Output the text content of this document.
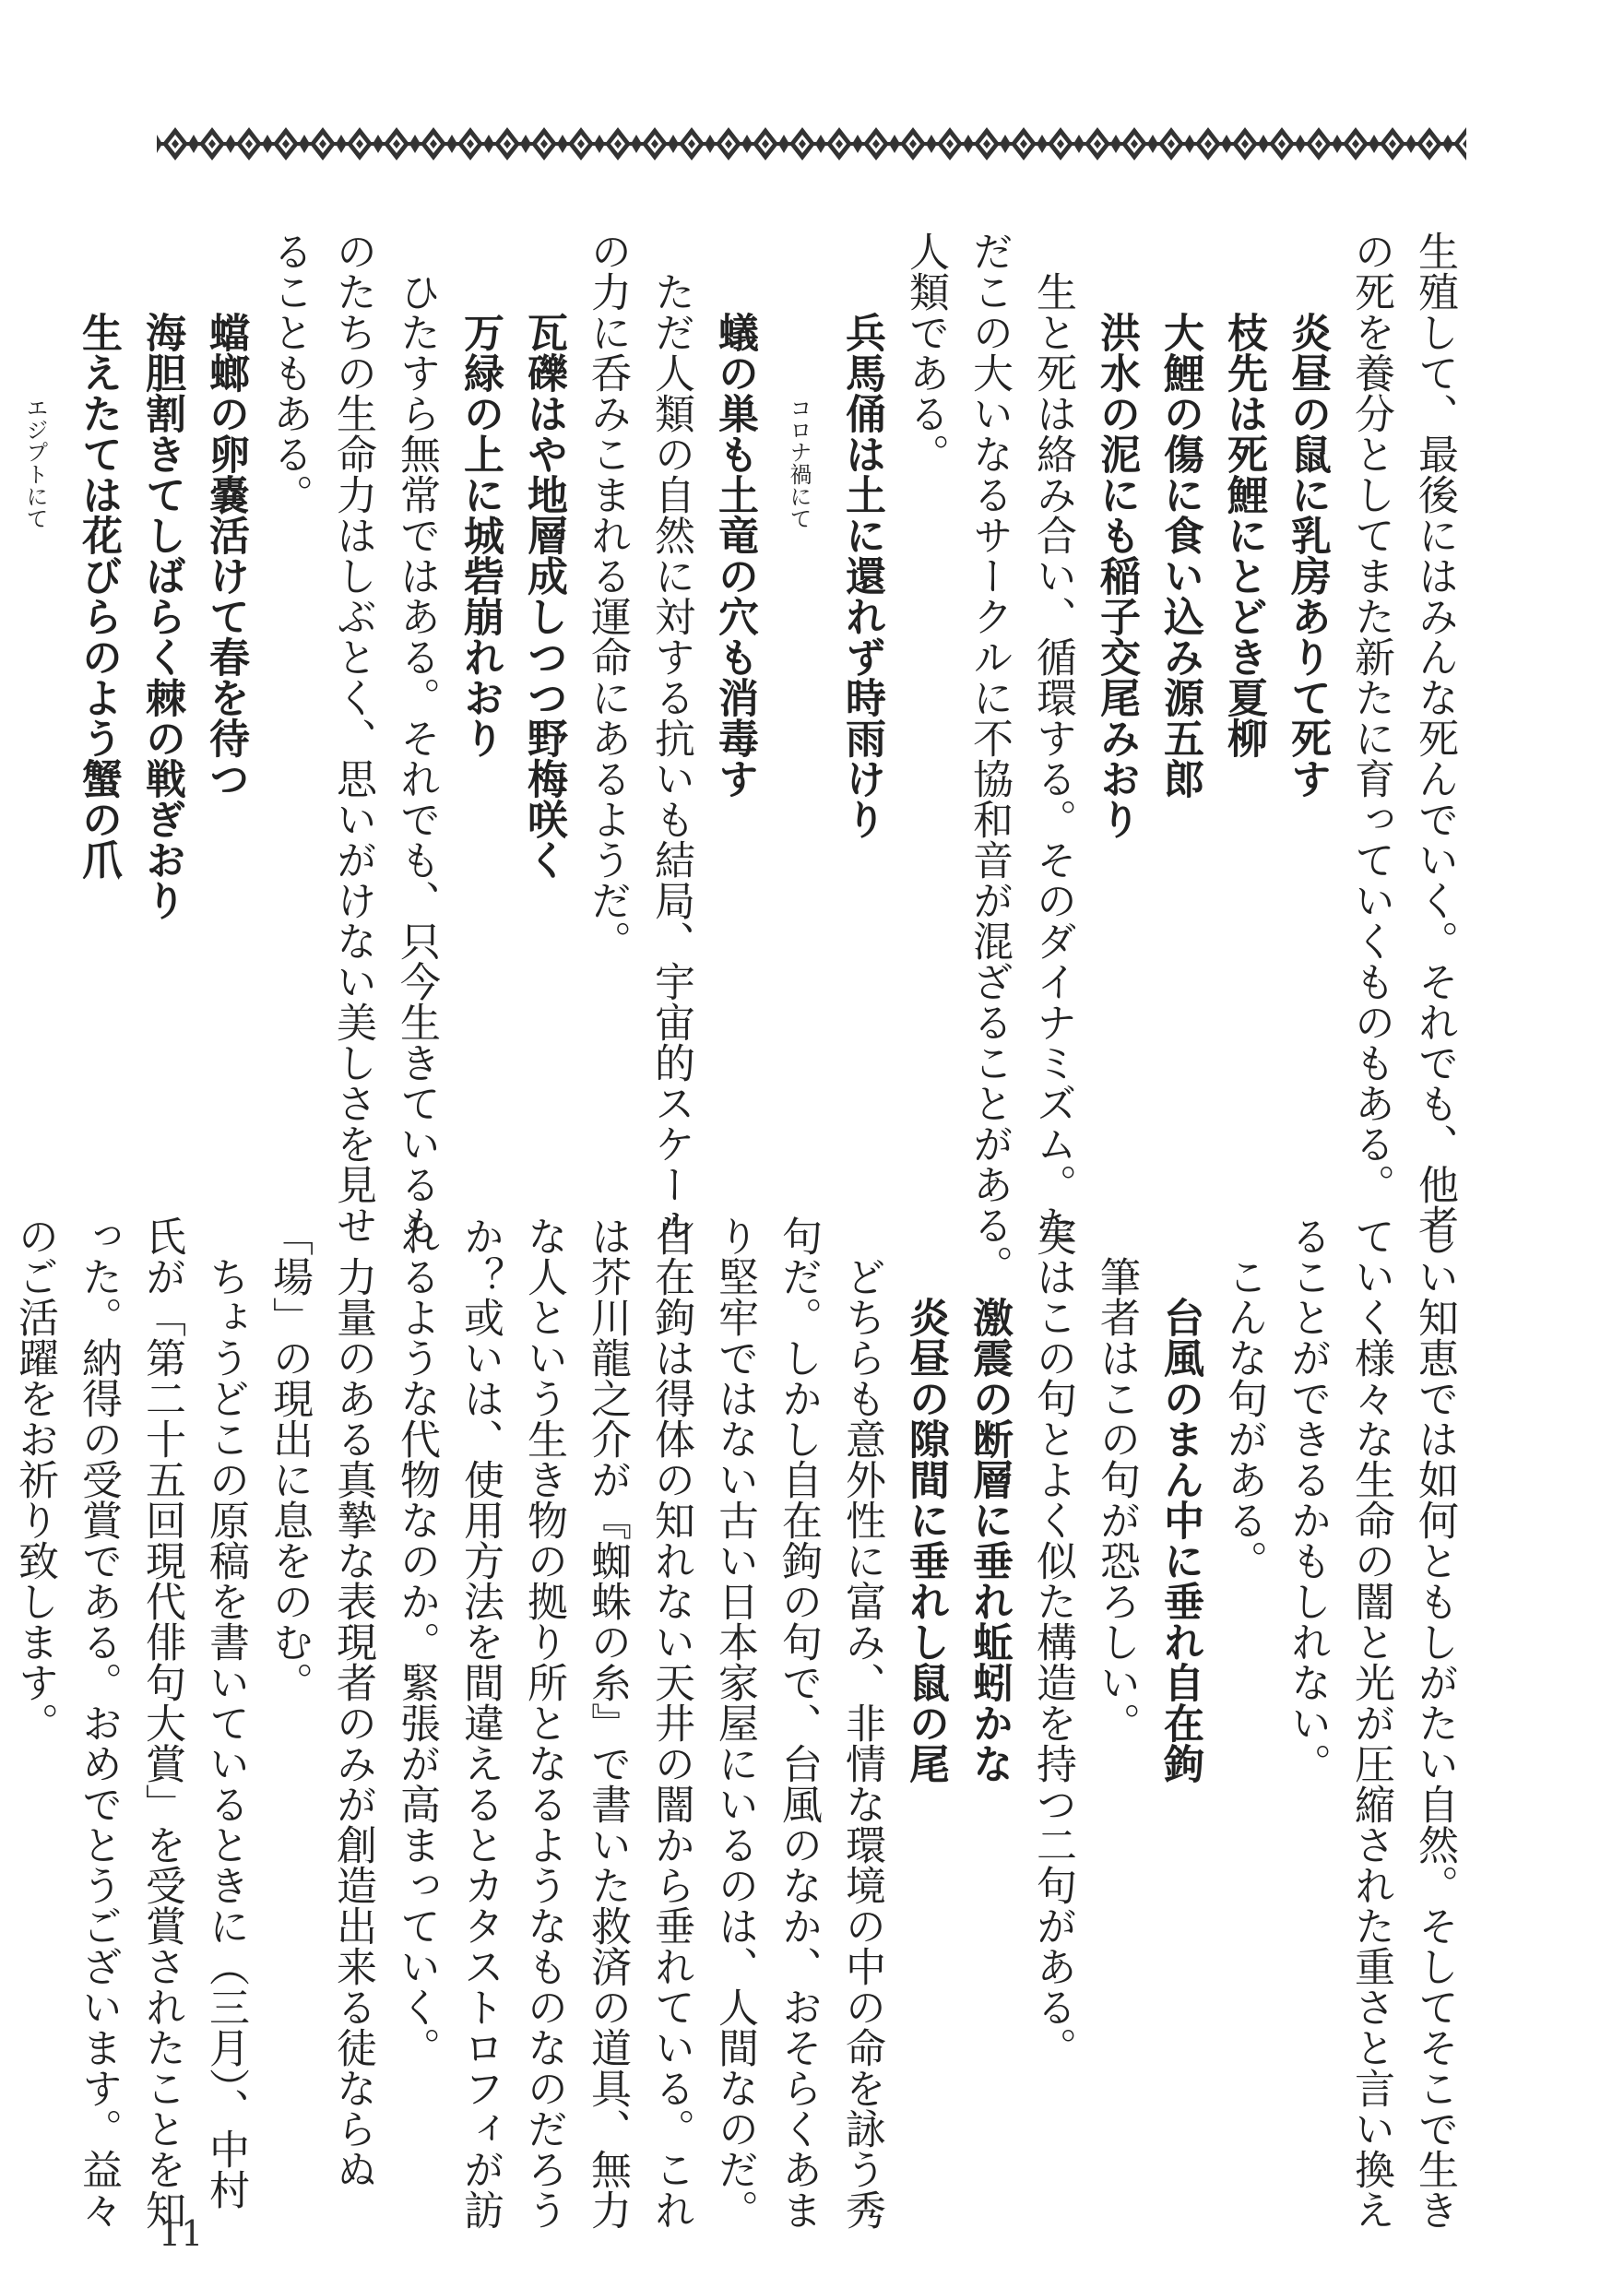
生殖して、最後にはみんな死んでいく。それでも、他者
の死を養分としてまた新たに育っていくものもある。
炎昼の鼠に乳房ありて死す
枝先は死鯉にとどき夏柳
大鯉の傷に食い込み源五郎
洪水の泥にも稲子交尾みおり
生と死は絡み合い、循環する。そのダイナミズム。た
だこの大いなるサークルに不協和音が混ざることがある。
人類である。
兵馬俑は土に還れず時雨けり
コロナ禍にて
蟻の巣も土竜の穴も消毒す
ただ人類の自然に対する抗いも結局、宇宙的スケール
の力に呑みこまれる運命にあるようだ。
瓦礫はや地層成しつつ野梅咲く
万緑の上に城砦崩れおり
ひたすら無常ではある。それでも、只今生きているも
のたちの生命力はしぶとく、思いがけない美しさを見せ
ることもある。
蟷螂の卵嚢活けて春を待つ
海胆割きてしばらく棘の戦ぎおり
生えたては花びらのよう蟹の爪
エジプトにて
しい知恵では如何ともしがたい自然。そしてそこで生き
ていく様々な生命の闇と光が圧縮された重さと言い換え
ることができるかもしれない。
こんな句がある。
台風のまん中に垂れ自在鉤
筆者はこの句が恐ろしい。
実はこの句とよく似た構造を持つ二句がある。
激震の断層に垂れ蚯蚓かな
炎昼の隙間に垂れし鼠の尾
どちらも意外性に富み、非情な環境の中の命を詠う秀
句だ。しかし自在鉤の句で、台風のなか、おそらくあま
り堅牢ではない古い日本家屋にいるのは、人間なのだ。
自在鉤は得体の知れない天井の闇から垂れている。これ
は芥川龍之介が『蜘蛛の糸』で書いた救済の道具、無力
な人という生き物の拠り所となるようなものなのだろう
か？或いは、使用方法を間違えるとカタストロフィが訪
れるような代物なのか。緊張が高まっていく。
力量のある真摯な表現者のみが創造出来る徒ならぬ
「場」の現出に息をのむ。
ちょうどこの原稿を書いているときに（三月）、中村
氏が「第二十五回現代俳句大賞」を受賞されたことを知
った。納得の受賞である。おめでとうございます。益々
のご活躍をお祈り致します。
11
